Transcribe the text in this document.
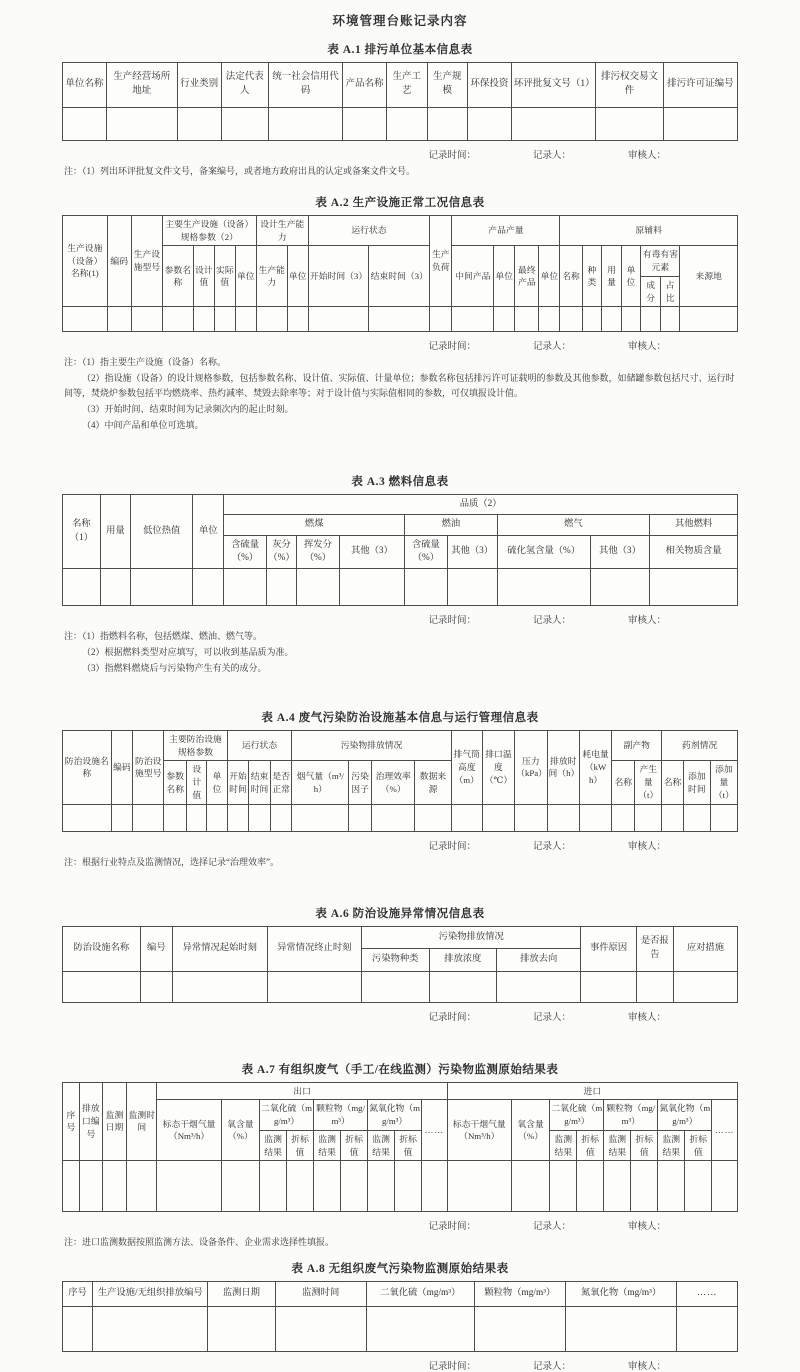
环境管理台账记录内容
表 A.1 排污单位基本信息表
单位名称	生产经营场所地址	行业类别	法定代表人	统一社会信用代码	产品名称	生产工艺	生产规模	环保投资	环评批复文号（1）	排污权交易文件	排污许可证编号

记录时间：	记录人：	审核人：

注：（1）列出环评批复文件文号，备案编号，或者地方政府出具的认定或备案文件文号。

表 A.2 生产设施正常工况信息表
生产设施（设备）名称(1)	编码	生产设施型号	主要生产设施（设备）规格参数（2）				设计生产能力		运行状态		生产负荷	产品产量				原辅料						
			参数名称	设计值	实际值	单位	生产能力	单位	开始时间（3）	结束时间（3）		中间产品	单位	最终产品	单位	名称	种类	用量	单位	有毒有害元素		来源地
																				成分	占比	

记录时间：	记录人：	审核人：

注：（1）指主要生产设施（设备）名称。

（2）指设施（设备）的设计规格参数，包括参数名称、设计值、实际值、计量单位；参数名称包括排污许可证载明的参数及其他参数，如储罐参数包括尺寸、运行时间等，焚烧炉参数包括平均燃烧率、热灼减率、焚毁去除率等；对于设计值与实际值相同的参数，可仅填报设计值。

（3）开始时间、结束时间为记录频次内的起止时刻。

（4）中间产品和单位可选填。

表 A.3 燃料信息表
名称（1）	用量	低位热值	单位	品质（2）								
				燃煤				燃油		燃气		其他燃料
				含硫量（%）	灰分（%）	挥发分（%）	其他（3）	含硫量（%）	其他（3）	硫化氢含量（%）	其他（3）	相关物质含量

记录时间：	记录人：	审核人：

注：（1）指燃料名称，包括燃煤、燃油、燃气等。

（2）根据燃料类型对应填写，可以收到基品质为准。

（3）指燃料燃烧后与污染物产生有关的成分。

表 A.4 废气污染防治设施基本信息与运行管理信息表
防治设施名称	编码	防治设施型号	主要防治设施规格参数			运行状态			污染物排放情况				排气筒高度（m）	排口温度（℃）	压力（kPa）	排放时间（h）	耗电量（kWh）	副产物		药剂情况		
			参数名称	设计值	单位	开始时间	结束时间	是否正常	烟气量（m³/h）	污染因子	治理效率（%）	数据来源						名称	产生量（t）	名称	添加时间	添加量（t）

记录时间：	记录人：	审核人：

注：根据行业特点及监测情况，选择记录“治理效率”。

表 A.6 防治设施异常情况信息表
防治设施名称	编号	异常情况起始时刻	异常情况终止时刻	污染物排放情况			事件原因	是否报告	应对措施
				污染物种类	排放浓度	排放去向			

记录时间：	记录人：	审核人：
表 A.7 有组织废气（手工/在线监测）污染物监测原始结果表
序号	排放口编号	监测日期	监测时间	出口									进口								
				标态干烟气量（Nm³/h）	氧含量（%）	二氧化硫（mg/m³）		颗粒物（mg/m³）		氮氧化物（mg/m³）		……	标态干烟气量（Nm³/h）	氧含量（%）	二氧化硫（mg/m³）		颗粒物（mg/m³）		氮氧化物（mg/m³）		……
						监测结果	折标值	监测结果	折标值	监测结果	折标值				监测结果	折标值	监测结果	折标值	监测结果	折标值	

记录时间：	记录人：	审核人：

注：进口监测数据按照监测方法、设备条件、企业需求选择性填报。

表 A.8 无组织废气污染物监测原始结果表
序号	生产设施/无组织排放编号	监测日期	监测时间	二氧化硫（mg/m³）	颗粒物（mg/m³）	氮氧化物（mg/m³）	……

记录时间：	记录人：	审核人：
